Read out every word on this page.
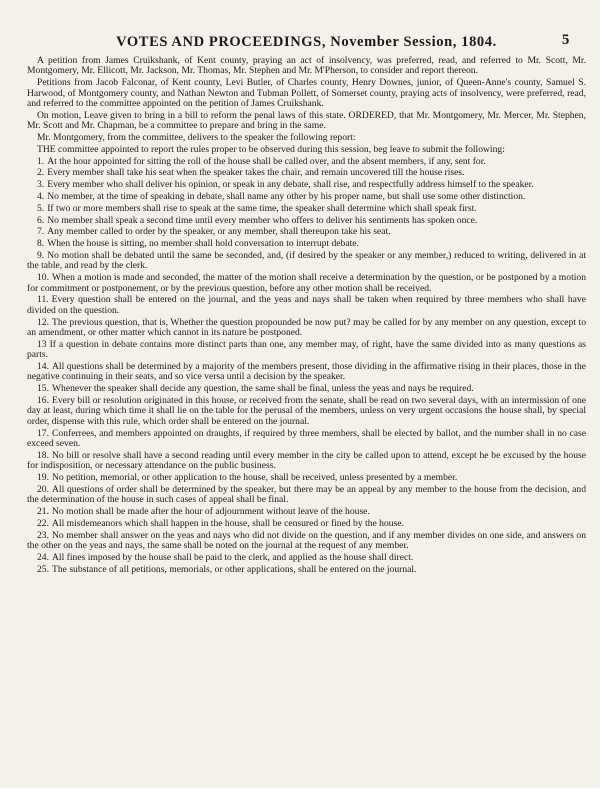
VOTES AND PROCEEDINGS, November Session, 1804.	5

A petition from James Cruikshank, of Kent county, praying an act of insolvency, was preferred, read, and referred to Mr. Scott, Mr. Montgomery, Mr. Ellicott, Mr. Jackson, Mr. Thomas, Mr. Stephen and Mr. M'Pherson, to consider and report thereon.

Petitions from Jacob Falconar, of Kent county, Levi Butler, of Charles county, Henry Downes, junior, of Queen-Anne's county, Samuel S. Harwood, of Montgomery county, and Nathan Newton and Tubman Pollett, of Somerset county, praying acts of insolvency, were preferred, read, and referred to the committee appointed on the petition of James Cruikshank.

On motion, Leave given to bring in a bill to reform the penal laws of this state. ORDERED, that Mr. Montgomery, Mr. Mercer, Mr. Stephen, Mr. Scott and Mr. Chapman, be a committee to prepare and bring in the same.

Mr. Montgomery, from the committee, delivers to the speaker the following report:

THE committee appointed to report the rules proper to be observed during this session, beg leave to submit the following:

1. At the hour appointed for sitting the roll of the house shall be called over, and the absent members, if any, sent for.

2. Every member shall take his seat when the speaker takes the chair, and remain uncovered till the house rises.

3. Every member who shall deliver his opinion, or speak in any debate, shall rise, and respectfully address himself to the speaker.

4. No member, at the time of speaking in debate, shall name any other by his proper name, but shall use some other distinction.

5. If two or more members shall rise to speak at the same time, the speaker shall determine which shall speak first.

6. No member shall speak a second time until every member who offers to deliver his sentiments has spoken once.

7. Any member called to order by the speaker, or any member, shall thereupon take his seat.

8. When the house is sitting, no member shall hold conversation to interrupt debate.

9. No motion shall be debated until the same be seconded, and, (if desired by the speaker or any member,) reduced to writing, delivered in at the table, and read by the clerk.

10. When a motion is made and seconded, the matter of the motion shall receive a determination by the question, or be postponed by a motion for commitment or postponement, or by the previous question, before any other motion shall be received.

11. Every question shall be entered on the journal, and the yeas and nays shall be taken when required by three members who shall have divided on the question.

12. The previous question, that is, Whether the question propounded be now put? may be called for by any member on any question, except to an amendment, or other matter which cannot in its nature be postponed.

13 If a question in debate contains more distinct parts than one, any member may, of right, have the same divided into as many questions as parts.

14. All questions shall be determined by a majority of the members present, those dividing in the affirmative rising in their places, those in the negative continuing in their seats, and so vice versa until a decision by the speaker.

15. Whenever the speaker shall decide any question, the same shall be final, unless the yeas and nays be required.

16. Every bill or resolution originated in this house, or received from the senate, shall be read on two several days, with an intermission of one day at least, during which time it shall lie on the table for the perusal of the members, unless on very urgent occasions the house shall, by special order, dispense with this rule, which order shall be entered on the journal.

17. Conferrees, and members appointed on draughts, if required by three members, shall be elected by ballot, and the number shall in no case exceed seven.

18. No bill or resolve shall have a second reading until every member in the city be called upon to attend, except he be excused by the house for indisposition, or necessary attendance on the public business.

19. No petition, memorial, or other application to the house, shall be received, unless presented by a member.

20. All questions of order shall be determined by the speaker, but there may be an appeal by any member to the house from the decision, and the determination of the house in such cases of appeal shall be final.

21. No motion shall be made after the hour of adjournment without leave of the house.

22. All misdemeanors which shall happen in the house, shall be censured or fined by the house.

23. No member shall answer on the yeas and nays who did not divide on the question, and if any member divides on one side, and answers on the other on the yeas and nays, the same shall be noted on the journal at the request of any member.

24. All fines imposed by the house shall be paid to the clerk, and applied as the house shall direct.

25. The substance of all petitions, memorials, or other applications, shall be entered on the journal.
